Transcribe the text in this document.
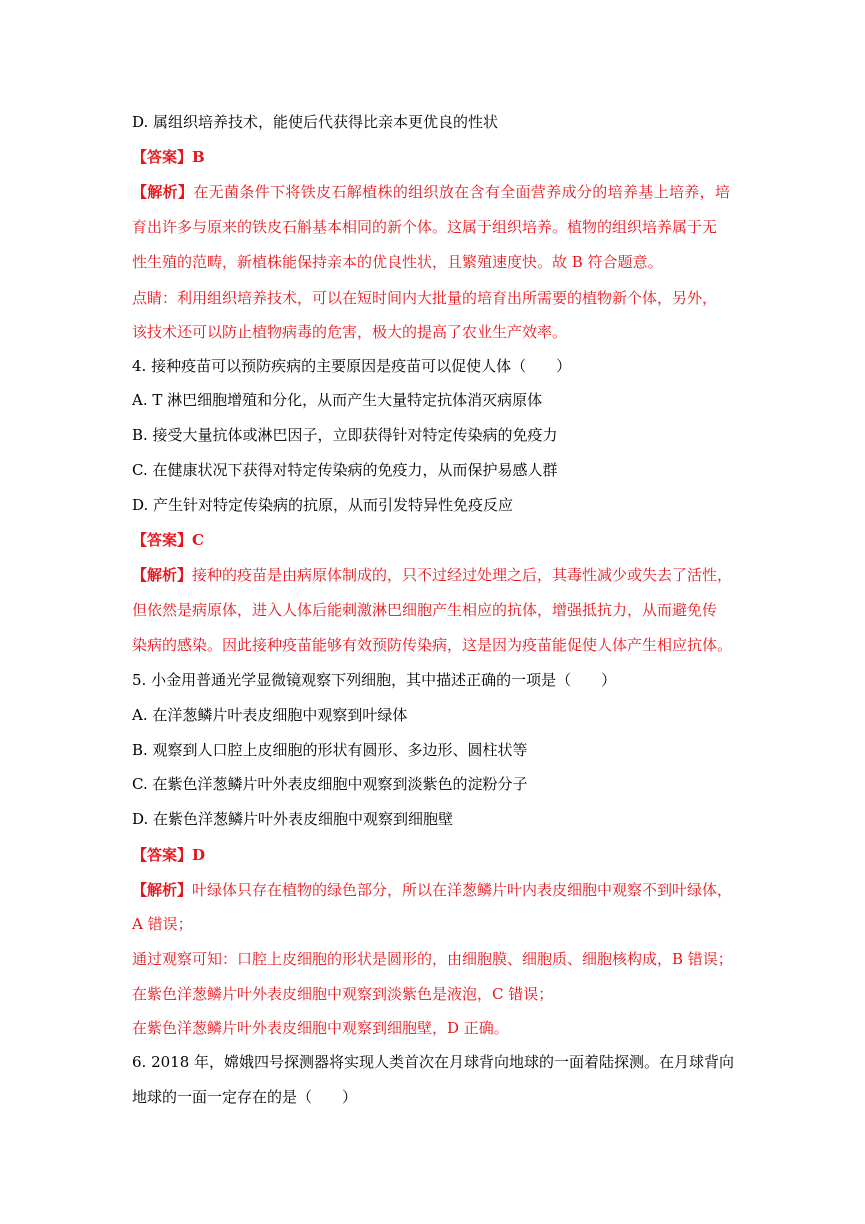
D. 属组织培养技术，能使后代获得比亲本更优良的性状
【答案】B
【解析】在无菌条件下将铁皮石解植株的组织放在含有全面营养成分的培养基上培养，培
育出许多与原来的铁皮石斛基本相同的新个体。这属于组织培养。植物的组织培养属于无
性生殖的范畴，新植株能保持亲本的优良性状，且繁殖速度快。故 B 符合题意。
点睛：利用组织培养技术，可以在短时间内大批量的培育出所需要的植物新个体，另外，
该技术还可以防止植物病毒的危害，极大的提高了农业生产效率。
4. 接种疫苗可以预防疾病的主要原因是疫苗可以促使人体（　　）
A. T 淋巴细胞增殖和分化，从而产生大量特定抗体消灭病原体
B. 接受大量抗体或淋巴因子，立即获得针对特定传染病的免疫力
C. 在健康状况下获得对特定传染病的免疫力，从而保护易感人群
D. 产生针对特定传染病的抗原，从而引发特异性免疫反应
【答案】C
【解析】接种的疫苗是由病原体制成的，只不过经过处理之后，其毒性减少或失去了活性，
但依然是病原体，进入人体后能刺激淋巴细胞产生相应的抗体，增强抵抗力，从而避免传
染病的感染。因此接种疫苗能够有效预防传染病，这是因为疫苗能促使人体产生相应抗体。
5. 小金用普通光学显微镜观察下列细胞，其中描述正确的一项是（　　）
A. 在洋葱鳞片叶表皮细胞中观察到叶绿体
B. 观察到人口腔上皮细胞的形状有圆形、多边形、圆柱状等
C. 在紫色洋葱鳞片叶外表皮细胞中观察到淡紫色的淀粉分子
D. 在紫色洋葱鳞片叶外表皮细胞中观察到细胞壁
【答案】D
【解析】叶绿体只存在植物的绿色部分，所以在洋葱鳞片叶内表皮细胞中观察不到叶绿体，
A 错误；
通过观察可知：口腔上皮细胞的形状是圆形的，由细胞膜、细胞质、细胞核构成，B 错误；
在紫色洋葱鳞片叶外表皮细胞中观察到淡紫色是液泡，C 错误；
在紫色洋葱鳞片叶外表皮细胞中观察到细胞壁，D 正确。
6. 2018 年，嫦娥四号探测器将实现人类首次在月球背向地球的一面着陆探测。在月球背向
地球的一面一定存在的是（　　）
